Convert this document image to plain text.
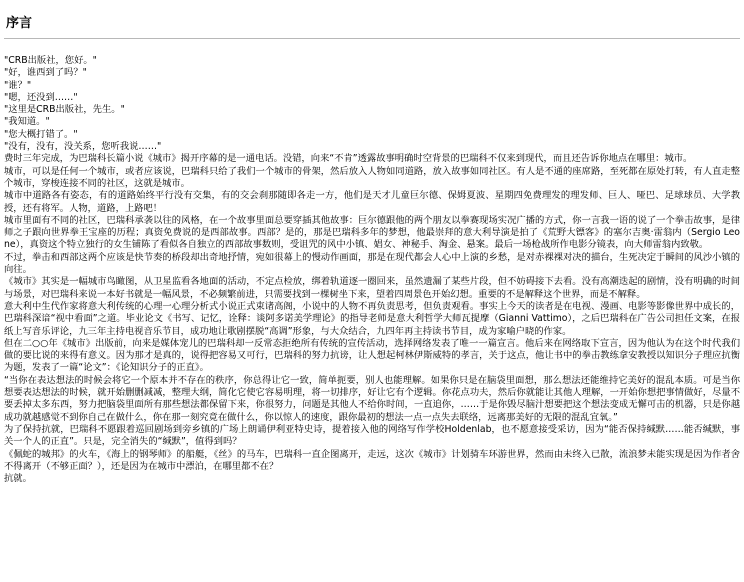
序言

"CRB出版社，您好。"

"好，谁西到了吗？"

"谁？"

"嗯，还没到……"

"这里是CRB出版社，先生。"

"我知道。"

"您大概打错了。"

"没有，没有，没关系，您听我说……"

费时三年完成，为巴瑞科长篇小说《城市》揭开序幕的是一通电话。没错，向来“不肯”透露故事明确时空背景的巴瑞科不仅来到现代，而且还告诉你地点在哪里：城市。

城市，可以是任何一个城市，或者应该说，巴瑞科只给了我们一个城市的骨架，然后放入人物如同道路，放入故事如同社区。有人是不通的座席路，至死都在原处打转，有人直走整个城市，穿梭连接不同的社区，这就是城市。

城市中道路各有姿态，有的道路始终平行没有交集，有的交会刹那随即各走一方，他们是天才儿童巨尔德、保姆夏波、星期四免费理发的理发师、巨人、哑巴、足球球员、大学教授，还有将军。人物，道路，上路吧！

城市里面有不同的社区，巴瑞科承袭以往的风格，在一个故事里面总要穿插其他故事：巨尔德跟他的两个朋友以拳赛现场实况广播的方式，你一言我一语的说了一个拳击故事，是律师之子跟向世界拳王宝座的历程；真资免费说的是西部故事。西部？是的，那是巴瑞科多年的梦想，他最崇拜的意大利导演是拍了《荒野大镖客》的塞尔吉奥·雷翁内（Sergio Leone），真资这个特立独行的女生铺陈了看似各自独立的西部故事数则，受诅咒的风中小镇、娼女、神秘手、淘金、悬案。最后一场枪战所作电影分镜表，向大师雷翁内致敬。

不过，拳击和西部这两个应该是快节奏的桥段却出奇地抒情，宛如很幕上的慢动作画面，那是在现代都会人心中上演的乡愁，是对赤裸裸对决的描台，生死决定于瞬间的风沙小镇的向往。

《城市》其实是一幅城市鸟瞰图，从卫星监看各地面的活动，不定点检放，绑着轨道逐一圈回来，虽然遗漏了某些片段，但不妨碍接下去看。没有高潮迭起的剧情，没有明确的时间与场景，对巴瑞科来说一本好书就是一幅风景，不必频繁前进，只需要找到一棵树坐下来，望着四周景色开始幻想。重要的不是解释这个世界，而是不解释。

意大利中生代作家将意大利传统的心理一心理分析式小说正式束诸高阁，小说中的人物不再负责思考，但负责观看。事实上今天的读者是在电视、漫画、电影等影像世界中成长的，巴瑞科深谙“视中看面”之道。毕业论文《书写、记忆，诠释：谈阿多诺美学理论》的指导老师是意大利哲学大师瓦提摩（Gianni Vattimo），之后巴瑞科在广告公司担任文案，在报纸上写音乐评论，九三年主持电视音乐节目，成功地让歌剧摆脱“高调”形象，与大众结合，九四年再主持读书节目，成为家喻户晓的作家。

但在二○○年《城市》出版前，向来是媒体宠儿的巴瑞科却一反常态拒绝所有传统的宣传活动，选择网络发表了唯一一篇宣言。他后来在网络取下宣言，因为他认为在这个时代我们做的要比说的来得有意义。因为那才是真的，说得把容易又可行，巴瑞科的努力抗谤，让人想起柯林伊斯威特的孝言，关于这点，他让书中的拳击教练拿安教授以知识分子理应抗衡为题，发表了一篇“论文”：《论知识分子的正直》。

“当你在表达想法的时候会将它一个原本并不存在的秩序，你总得让它一致，简单扼要，别人也能理解。如果你只是在脑袋里面想，那么想法还能维持它美好的混乱本质。可是当你想要表达想法的时候，就开始删删减减，整理大纲，简化它使它容易明理，将一切排序，好让它有个逻辑。你花点功夫，然后你就能让其他人理解，一开始你想把事情做好，尽量不要丢掉太多东西，努力把脑袋里面所有那些想法都保留下来，你很努力，问题是其他人不给你时间，一直追你，……于是你毁尽脑汁想要把这个想法变成无懈可击的机器，只是你越成功就越感觉不到你自己在做什么，你在那一刻究竟在做什么，你以惊人的速度，跟你最初的想法一点一点失去联络，远离那美好的无限的混乱宜氧。”

为了保持抗就，巴瑞科不愿跟着巡回剧场到旁乡镇的广场上朗诵伊利亚特史诗，提着接入他的网络写作学校Holdenlab，也不愿意接受采访，因为“能否保持缄默……能否缄默，事关一个人的正直”。只是，完全消失的“缄默”，值得到吗？

《佩蛇的城邦》的火车，《海上的钢琴师》的船艇，《丝》的马车，巴瑞科一直企图离开，走远，这次《城市》计划骑车环游世界，然而由未终入已散，流浪梦未能实现是因为作者舍不得离开（不够正面？），还是因为在城市中漂泊，在哪里都不在？

抗就。
